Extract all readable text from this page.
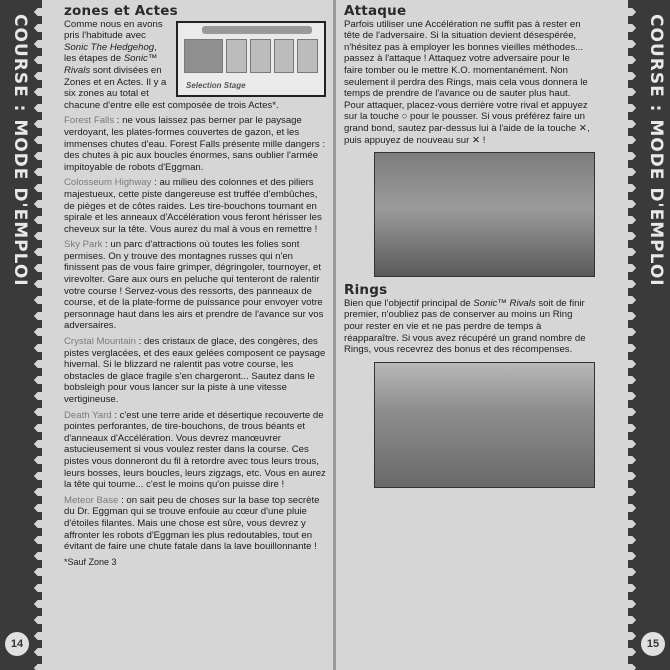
COURSE : MODE D'EMPLOI
14
zones et Actes
Selection Stage

Comme nous en avons pris l'habitude avec Sonic The Hedgehog, les étapes de Sonic™ Rivals sont divisées en Zones et en Actes. Il y a six zones au total et chacune d'entre elle est composée de trois Actes*.

Forest Falls : ne vous laissez pas berner par le paysage verdoyant, les plates-formes couvertes de gazon, et les immenses chutes d'eau. Forest Falls présente mille dangers : des chutes à pic aux boucles énormes, sans oublier l'armée impitoyable de robots d'Eggman.

Colosseum Highway : au milieu des colonnes et des piliers majestueux, cette piste dangereuse est truffée d'embûches, de pièges et de côtes raides. Les tire-bouchons tournant en spirale et les anneaux d'Accélération vous feront hérisser les cheveux sur la tête. Vous aurez du mal à vous en remettre !

Sky Park : un parc d'attractions où toutes les folies sont permises. On y trouve des montagnes russes qui n'en finissent pas de vous faire grimper, dégringoler, tournoyer, et virevolter. Gare aux ours en peluche qui tenteront de ralentir votre course ! Servez-vous des ressorts, des panneaux de course, et de la plate-forme de puissance pour envoyer votre personnage haut dans les airs et prendre de l'avance sur vos adversaires.

Crystal Mountain : des cristaux de glace, des congères, des pistes verglacées, et des eaux gelées composent ce paysage hivernal. Si le blizzard ne ralentit pas votre course, les obstacles de glace fragile s'en chargeront... Sautez dans le bobsleigh pour vous lancer sur la piste à une vitesse vertigineuse.

Death Yard : c'est une terre aride et désertique recouverte de pointes perforantes, de tire-bouchons, de trous béants et d'anneaux d'Accélération. Vous devrez manœuvrer astucieusement si vous voulez rester dans la course. Ces pistes vous donneront du fil à retordre avec tous leurs trous, leurs bosses, leurs boucles, leurs zigzags, etc. Vous en aurez la tête qui tourne... c'est le moins qu'on puisse dire !

Meteor Base : on sait peu de choses sur la base top secrète du Dr. Eggman qui se trouve enfouie au cœur d'une pluie d'étoiles filantes. Mais une chose est sûre, vous devrez y affronter les robots d'Eggman les plus redoutables, tout en évitant de faire une chute fatale dans la lave bouillonnante !

*Sauf Zone 3
Attaque

Parfois utiliser une Accélération ne suffit pas à rester en tête de l'adversaire. Si la situation devient désespérée, n'hésitez pas à employer les bonnes vieilles méthodes... passez à l'attaque ! Attaquez votre adversaire pour le faire tomber ou le mettre K.O. momentanément. Non seulement il perdra des Rings, mais cela vous donnera le temps de prendre de l'avance ou de sauter plus haut. Pour attaquer, placez-vous derrière votre rival et appuyez sur la touche ○ pour le pousser. Si vous préférez faire un grand bond, sautez par-dessus lui à l'aide de la touche ✕, puis appuyez de nouveau sur ✕ !

Rings

Bien que l'objectif principal de Sonic™ Rivals soit de finir premier, n'oubliez pas de conserver au moins un Ring pour rester en vie et ne pas perdre de temps à réapparaître. Si vous avez récupéré un grand nombre de Rings, vous recevrez des bonus et des récompenses.

COURSE : MODE D'EMPLOI
15
